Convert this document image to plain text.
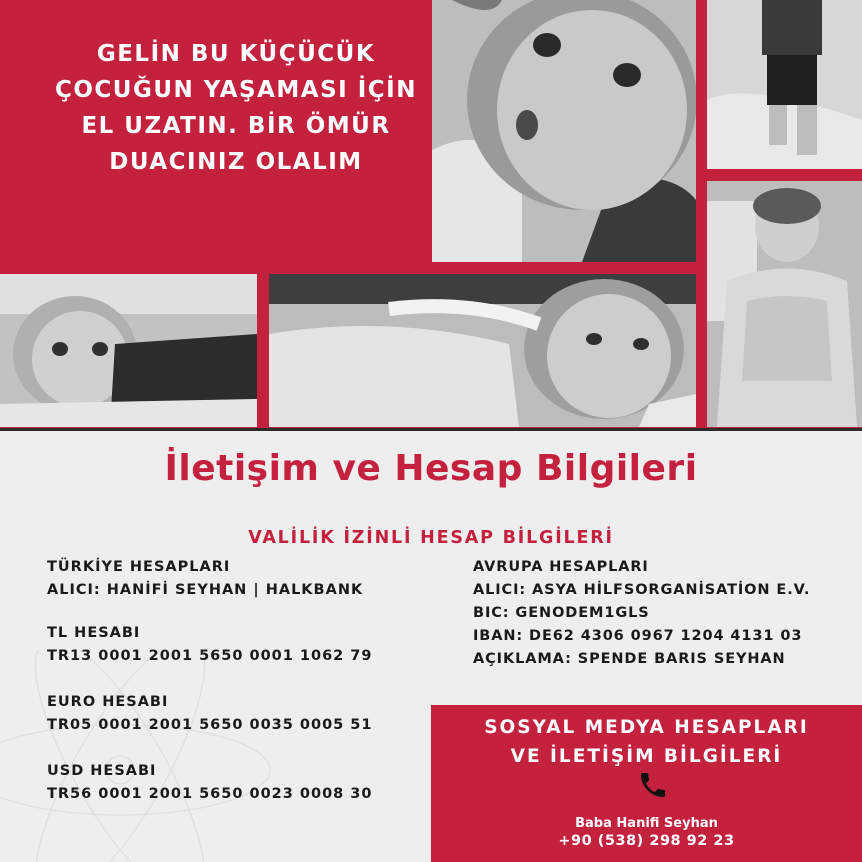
GELİN BU KÜÇÜCÜK
ÇOCUĞUN YAŞAMASI İÇİN
EL UZATIN. BİR ÖMÜR
DUACINIZ OLALIM
İletişim ve Hesap Bilgileri
VALİLİK İZİNLİ HESAP BİLGİLERİ
TÜRKİYE HESAPLARI
ALICI: HANİFİ SEYHAN | HALKBANK
TL HESABI
TR13 0001 2001 5650 0001 1062 79
EURO HESABI
TR05 0001 2001 5650 0035 0005 51
USD HESABI
TR56 0001 2001 5650 0023 0008 30
AVRUPA HESAPLARI
ALICI: ASYA HİLFSORGANİSATİON E.V.
BIC: GENODEM1GLS
IBAN: DE62 4306 0967 1204 4131 03
AÇIKLAMA: SPENDE BARIS SEYHAN
SOSYAL MEDYA HESAPLARI
VE İLETİŞİM BİLGİLERİ
Baba Hanifi Seyhan
+90 (538) 298 92 23
